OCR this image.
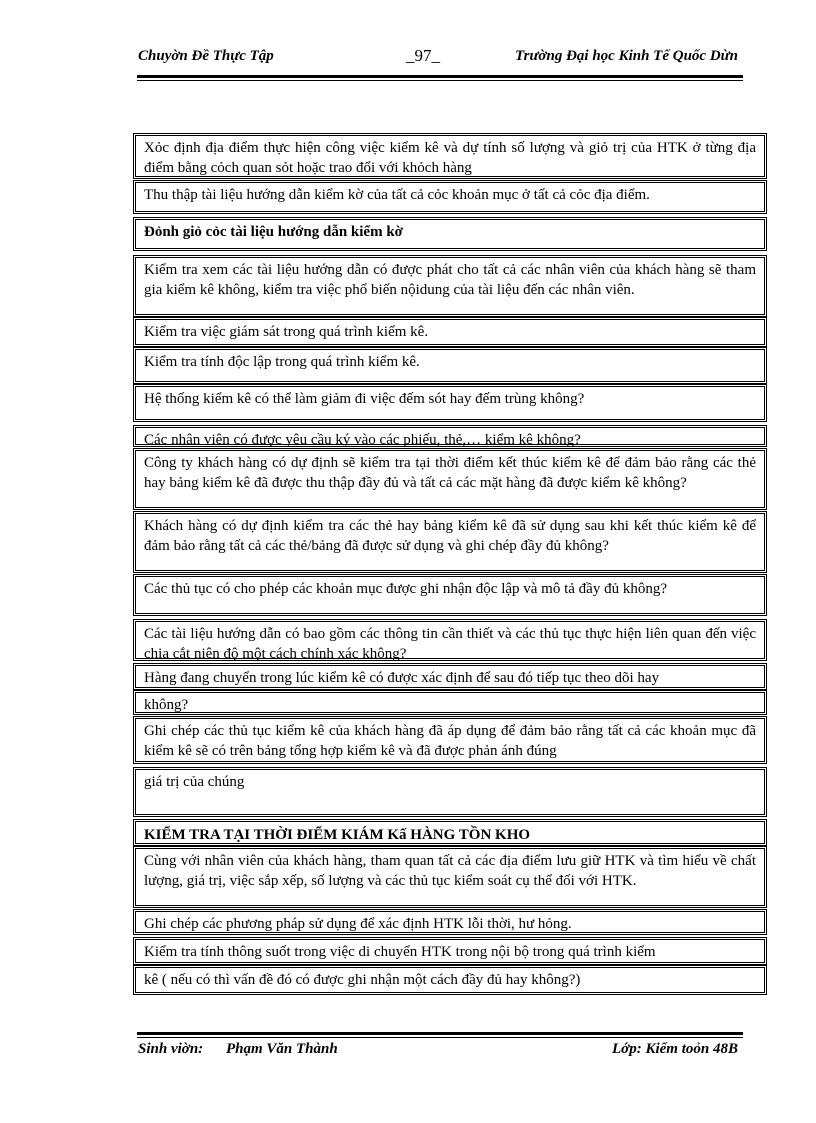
Chuyờn Đề Thực Tập	_97_	Trường Đại học Kinh Tế Quốc Dừn
Xỏc định địa điểm thực hiện công việc kiểm kê và dự tính số lượng và giỏ trị của HTK ở từng địa điểm bằng cỏch quan sỏt hoặc trao đổi với khỏch hàng
Thu thập tài liệu hướng dẫn kiểm kờ của tất cả cỏc khoản mục ở tất cả cỏc địa điểm.
Đỏnh giỏ cỏc tài liệu hướng dẫn kiểm kờ
Kiểm tra xem các tài liệu hướng dẫn có được phát cho tất cả các nhân viên của khách hàng sẽ tham gia kiểm kê không, kiểm tra việc phổ biến nộidung của tài liệu đến các nhân viên.
Kiểm tra việc giám sát trong quá trình kiểm kê.
Kiểm tra tính độc lập trong quá trình kiểm kê.
Hệ thống kiểm kê có thể làm giảm đi việc đếm sót hay đếm trùng không?
Các nhân viên có được yêu cầu ký vào các phiếu, thẻ,… kiểm kê không?
Công ty khách hàng có dự định sẽ kiểm tra tại thời điểm kết thúc kiểm kê để đảm bảo rằng các thẻ hay bảng kiểm kê đã được thu thập đầy đủ và tất cả các mặt hàng đã được kiểm kê không?
Khách hàng có dự định kiểm tra các thẻ hay bảng kiểm kê đã sử dụng sau khi kết thúc kiểm kê để đảm bảo rằng tất cả các thẻ/bảng đã được sử dụng và ghi chép đầy đủ không?
Các thủ tục có cho phép các khoản mục được ghi nhận độc lập và mô tả đầy đủ không?
Các tài liệu hướng dẫn có bao gồm các thông tin cần thiết và các thủ tục thực hiện liên quan đến việc chia cắt niên độ một cách chính xác không?
Hàng đang chuyển trong lúc kiểm kê có được xác định để sau đó tiếp tục theo dõi hay
không?
Ghi chép các thủ tục kiểm kê của khách hàng đã áp dụng để đảm bảo rằng tất cả các khoản mục đã kiểm kê sẽ có trên bảng tổng hợp kiểm kê và đã được phản ánh đúng
giá trị của chúng
KIỂM TRA TẠI THỜI ĐIỂM KIÁM Kấ HÀNG TỒN KHO
Cùng với nhân viên của khách hàng, tham quan tất cả các địa điểm lưu giữ HTK và tìm hiểu về chất lượng, giá trị, việc sắp xếp, số lượng và các thủ tục kiểm soát cụ thể đối với HTK.
Ghi chép các phương pháp sử dụng để xác định HTK lỗi thời, hư hỏng.
Kiểm tra tính thông suốt trong việc di chuyển HTK trong nội bộ trong quá trình kiểm
kê ( nếu có thì vấn đề đó có được ghi nhận một cách đầy đủ hay không?)
Sinh viờn: Phạm Văn Thành	Lớp: Kiểm toỏn 48B
